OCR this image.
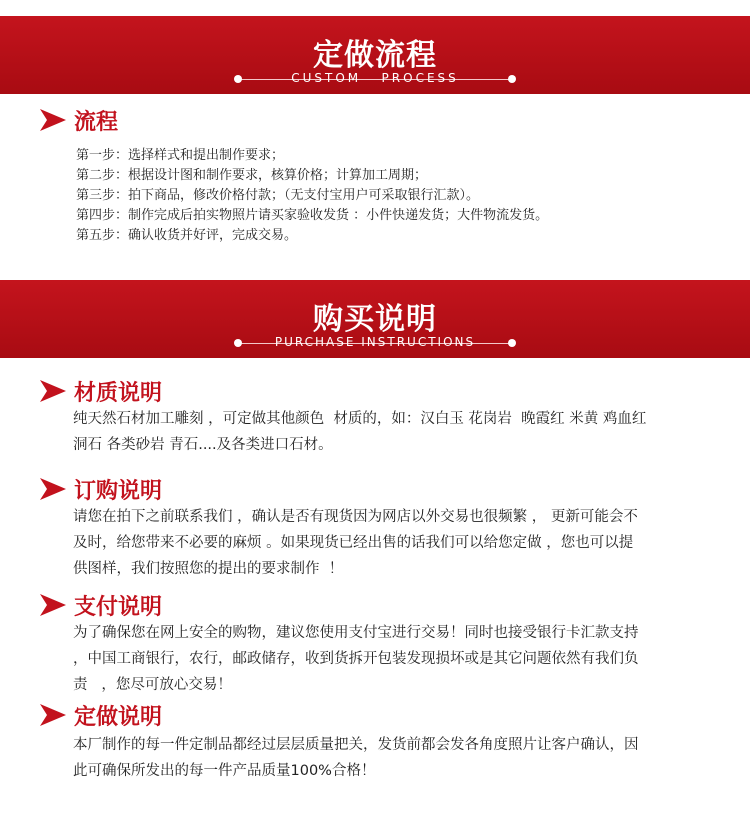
定做流程
CUSTOM   PROCESS
流程
第一步：选择样式和提出制作要求；
第二步：根据设计图和制作要求，核算价格；计算加工周期；
第三步：拍下商品，修改价格付款；（无支付宝用户可采取银行汇款）。
第四步：制作完成后拍实物照片请买家验收发货 ：小件快递发货；大件物流发货。
第五步：确认收货并好评，完成交易。
购买说明
PURCHASE INSTRUCTIONS
材质说明
纯天然石材加工雕刻 ，可定做其他颜色  材质的，如：汉白玉 花岗岩  晚霞红 米黄 鸡血红
洞石 各类砂岩 青石....及各类进口石材。
订购说明
请您在拍下之前联系我们 ，确认是否有现货因为网店以外交易也很频繁 ， 更新可能会不
及时，给您带来不必要的麻烦 。如果现货已经出售的话我们可以给您定做 ，您也可以提
供图样，我们按照您的提出的要求制作  ！
支付说明
为了确保您在网上安全的购物，建议您使用支付宝进行交易！同时也接受银行卡汇款支持
，中国工商银行，农行，邮政储存，收到货拆开包装发现损坏或是其它问题依然有我们负
责   ，您尽可放心交易！
定做说明
本厂制作的每一件定制品都经过层层质量把关，发货前都会发各角度照片让客户确认，因
此可确保所发出的每一件产品质量100%合格！
